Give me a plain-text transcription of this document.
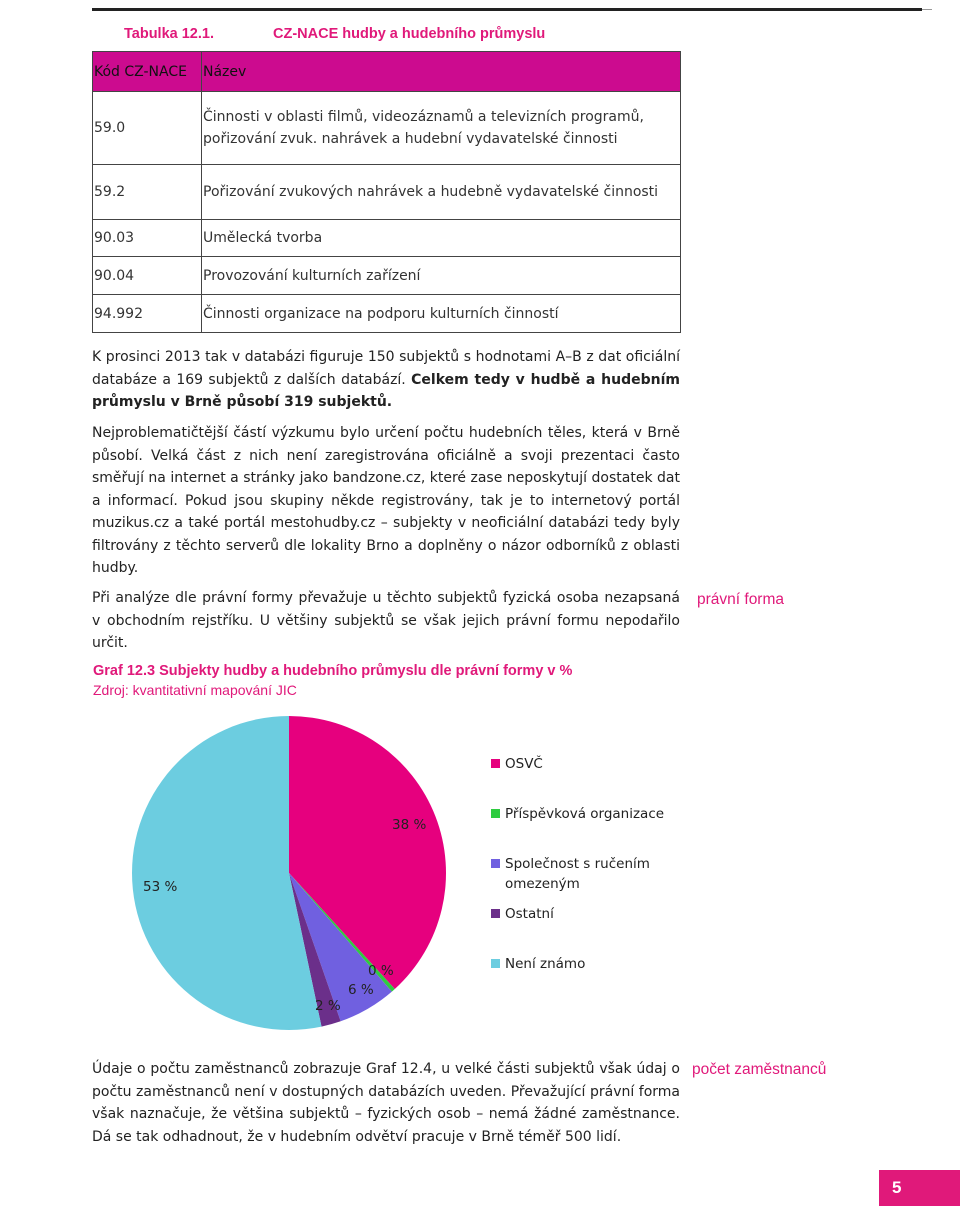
Tabulka 12.1.	CZ-NACE hudby a hudebního průmyslu
Kód CZ-NACE	Název
59.0	Činnosti v oblasti filmů, videozáznamů a televizních programů, pořizování zvuk. nahrávek a hudební vydavatelské činnosti
59.2	Pořizování zvukových nahrávek a hudebně vydavatelské činnosti
90.03	Umělecká tvorba
90.04	Provozování kulturních zařízení
94.992	Činnosti organizace na podporu kulturních činností
K prosinci 2013 tak v databázi figuruje 150 subjektů s hodnotami A–B z dat oficiální databáze a 169 subjektů z dalších databází. Celkem tedy v hudbě a hudebním průmyslu v Brně působí 319 subjektů.
Nejproblematičtější částí výzkumu bylo určení počtu hudebních těles, která v Brně působí. Velká část z nich není zaregistrována oficiálně a svoji prezentaci často směřují na internet a stránky jako bandzone.cz, které zase neposkytují dostatek dat a informací. Pokud jsou skupiny někde registrovány, tak je to internetový portál muzikus.cz a také portál mestohudby.cz – subjekty v neoficiální databázi tedy byly filtrovány z těchto serverů dle lokality Brno a doplněny o názor odborníků z oblasti hudby.
Při analýze dle právní formy převažuje u těchto subjektů fyzická osoba nezapsaná v obchodním rejstříku. U většiny subjektů se však jejich právní formu nepodařilo určit.
právní forma
Graf 12.3 Subjekty hudby a hudebního průmyslu dle právní formy v %
Zdroj: kvantitativní mapování JIC
38 %
0 %
6 %
2 %
53 %
OSVČ
Příspěvková organizace
Společnost s ručením omezeným
Ostatní
Není známo
Údaje o počtu zaměstnanců zobrazuje Graf 12.4, u velké části subjektů však údaj o počtu zaměstnanců není v dostupných databázích uveden. Převažující právní forma však naznačuje, že většina subjektů – fyzických osob – nemá žádné zaměstnance. Dá se tak odhadnout, že v hudebním odvětví pracuje v Brně téměř 500 lidí.
počet zaměstnanců
5
